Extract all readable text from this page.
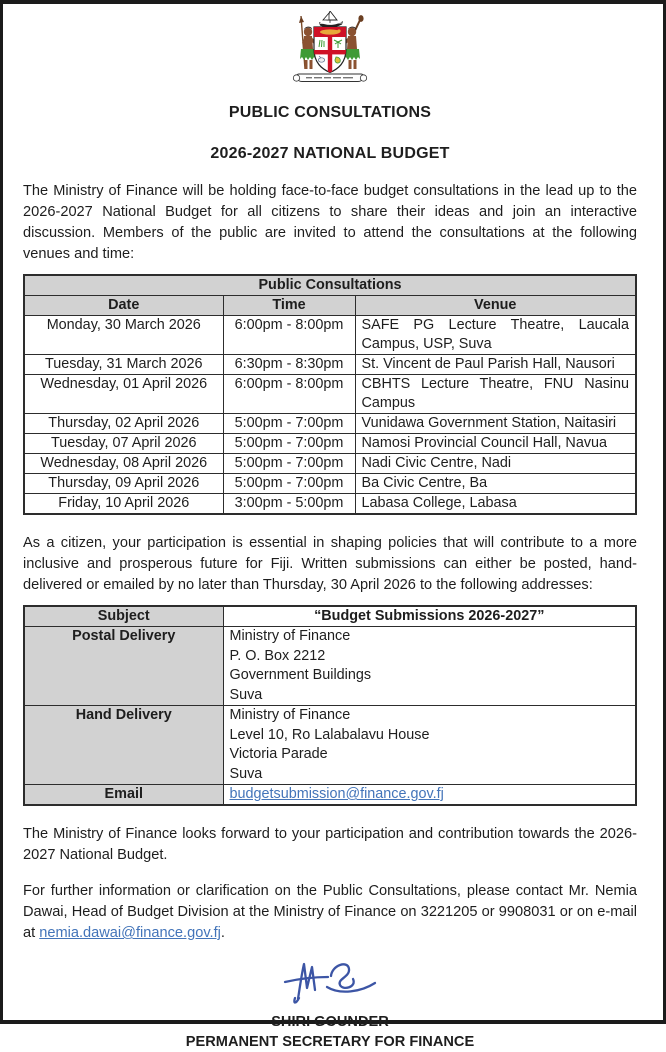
PUBLIC CONSULTATIONS
2026-2027 NATIONAL BUDGET

The Ministry of Finance will be holding face-to-face budget consultations in the lead up to the 2026-2027 National Budget for all citizens to share their ideas and join an interactive discussion. Members of the public are invited to attend the consultations at the following venues and time:

Public Consultations		
Date	Time	Venue
Monday, 30 March 2026	6:00pm - 8:00pm	SAFE PG Lecture Theatre, Laucala Campus, USP, Suva
Tuesday, 31 March 2026	6:30pm - 8:30pm	St. Vincent de Paul Parish Hall, Nausori
Wednesday, 01 April 2026	6:00pm - 8:00pm	CBHTS Lecture Theatre, FNU Nasinu Campus
Thursday, 02 April 2026	5:00pm - 7:00pm	Vunidawa Government Station, Naitasiri
Tuesday, 07 April 2026	5:00pm - 7:00pm	Namosi Provincial Council Hall, Navua
Wednesday, 08 April 2026	5:00pm - 7:00pm	Nadi Civic Centre, Nadi
Thursday, 09 April 2026	5:00pm - 7:00pm	Ba Civic Centre, Ba
Friday, 10 April 2026	3:00pm - 5:00pm	Labasa College, Labasa

As a citizen, your participation is essential in shaping policies that will contribute to a more inclusive and prosperous future for Fiji. Written submissions can either be posted, hand-delivered or emailed by no later than Thursday, 30 April 2026 to the following addresses:

Subject	“Budget Submissions 2026-2027”
Postal Delivery	Ministry of Finance
P. O. Box 2212
Government Buildings
Suva

Hand Delivery	Ministry of Finance
Level 10, Ro Lalabalavu House
Victoria Parade
Suva

Email	budgetsubmission@finance.gov.fj

The Ministry of Finance looks forward to your participation and contribution towards the 2026-2027 National Budget.

For further information or clarification on the Public Consultations, please contact Mr. Nemia Dawai, Head of Budget Division at the Ministry of Finance on 3221205 or 9908031 or on e-mail at nemia.dawai@finance.gov.fj.

SHIRI GOUNDER
PERMANENT SECRETARY FOR FINANCE
